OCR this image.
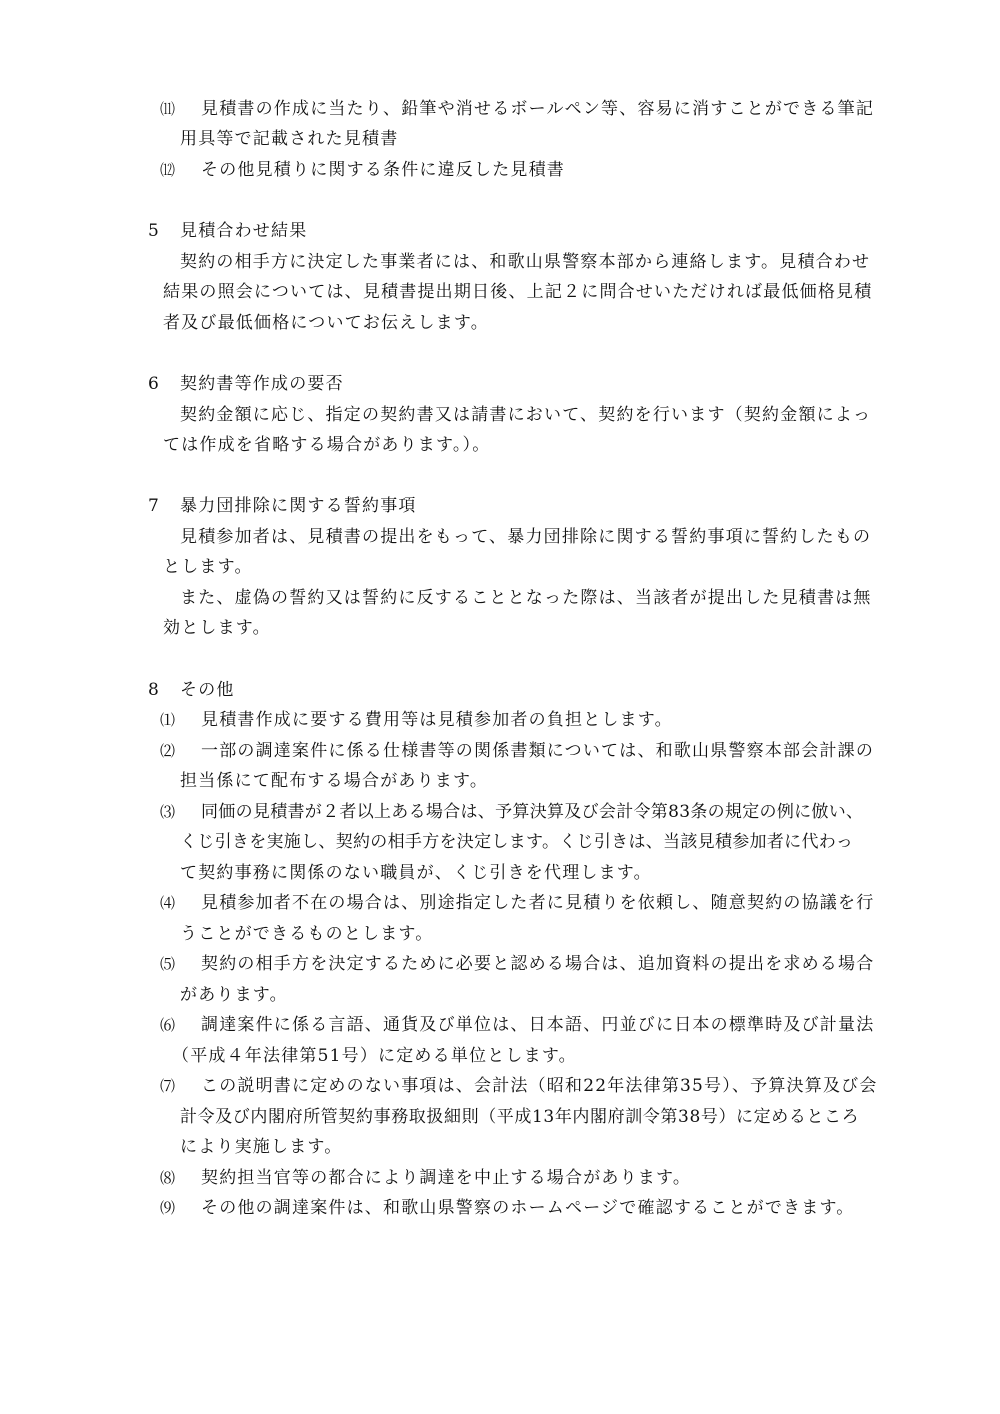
⑾ 見積書の作成に当たり、鉛筆や消せるボールペン等、容易に消すことができる筆記
用具等で記載された見積書
⑿ その他見積りに関する条件に違反した見積書
5 見積合わせ結果
契約の相手方に決定した事業者には、和歌山県警察本部から連絡します。見積合わせ
結果の照会については、見積書提出期日後、上記２に問合せいただければ最低価格見積
者及び最低価格についてお伝えします。
6 契約書等作成の要否
契約金額に応じ、指定の契約書又は請書において、契約を行います（契約金額によっ
ては作成を省略する場合があります。）。
7 暴力団排除に関する誓約事項
見積参加者は、見積書の提出をもって、暴力団排除に関する誓約事項に誓約したもの
とします。
また、虚偽の誓約又は誓約に反することとなった際は、当該者が提出した見積書は無
効とします。
8 その他
⑴ 見積書作成に要する費用等は見積参加者の負担とします。
⑵ 一部の調達案件に係る仕様書等の関係書類については、和歌山県警察本部会計課の
担当係にて配布する場合があります。
⑶ 同価の見積書が２者以上ある場合は、予算決算及び会計令第83条の規定の例に倣い、
くじ引きを実施し、契約の相手方を決定します。くじ引きは、当該見積参加者に代わっ
て契約事務に関係のない職員が、くじ引きを代理します。
⑷ 見積参加者不在の場合は、別途指定した者に見積りを依頼し、随意契約の協議を行
うことができるものとします。
⑸ 契約の相手方を決定するために必要と認める場合は、追加資料の提出を求める場合
があります。
⑹ 調達案件に係る言語、通貨及び単位は、日本語、円並びに日本の標準時及び計量法
（平成４年法律第51号）に定める単位とします。
⑺ この説明書に定めのない事項は、会計法（昭和22年法律第35号）、予算決算及び会
計令及び内閣府所管契約事務取扱細則（平成13年内閣府訓令第38号）に定めるところ
により実施します。
⑻ 契約担当官等の都合により調達を中止する場合があります。
⑼ その他の調達案件は、和歌山県警察のホームページで確認することができます。
